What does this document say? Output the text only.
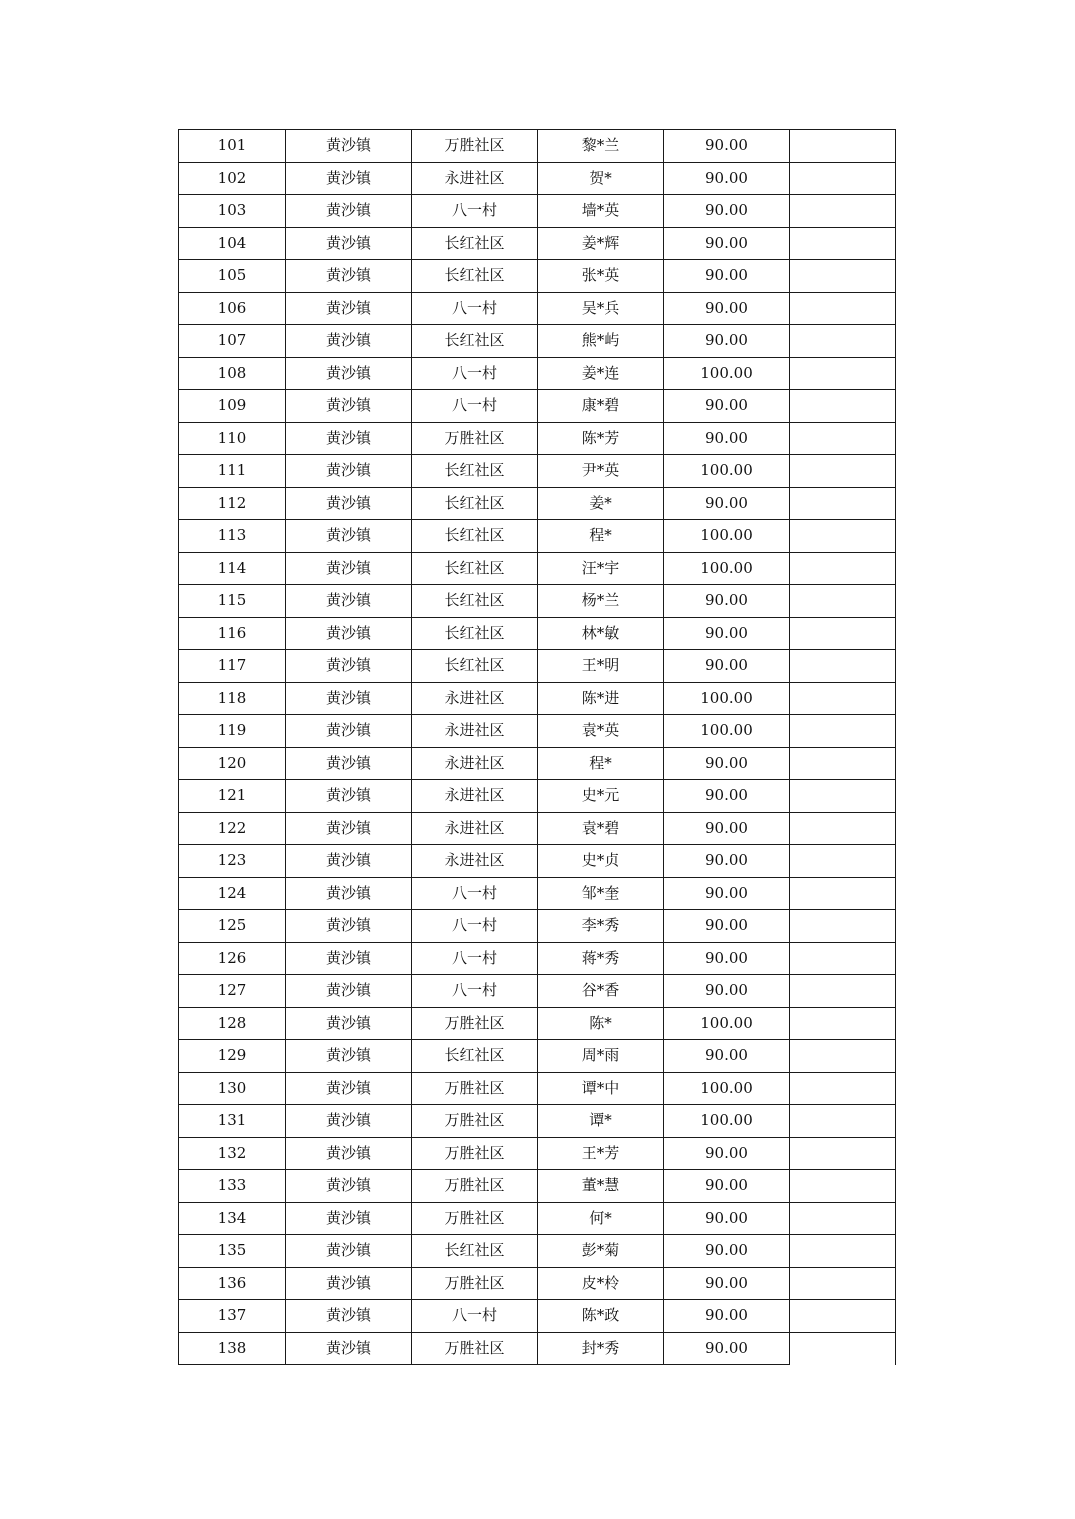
101	黄沙镇	万胜社区	黎*兰	90.00	
102	黄沙镇	永进社区	贺*	90.00	
103	黄沙镇	八一村	墙*英	90.00	
104	黄沙镇	长红社区	姜*辉	90.00	
105	黄沙镇	长红社区	张*英	90.00	
106	黄沙镇	八一村	吴*兵	90.00	
107	黄沙镇	长红社区	熊*屿	90.00	
108	黄沙镇	八一村	姜*连	100.00	
109	黄沙镇	八一村	康*碧	90.00	
110	黄沙镇	万胜社区	陈*芳	90.00	
111	黄沙镇	长红社区	尹*英	100.00	
112	黄沙镇	长红社区	姜*	90.00	
113	黄沙镇	长红社区	程*	100.00	
114	黄沙镇	长红社区	汪*宇	100.00	
115	黄沙镇	长红社区	杨*兰	90.00	
116	黄沙镇	长红社区	林*敏	90.00	
117	黄沙镇	长红社区	王*明	90.00	
118	黄沙镇	永进社区	陈*进	100.00	
119	黄沙镇	永进社区	袁*英	100.00	
120	黄沙镇	永进社区	程*	90.00	
121	黄沙镇	永进社区	史*元	90.00	
122	黄沙镇	永进社区	袁*碧	90.00	
123	黄沙镇	永进社区	史*贞	90.00	
124	黄沙镇	八一村	邹*奎	90.00	
125	黄沙镇	八一村	李*秀	90.00	
126	黄沙镇	八一村	蒋*秀	90.00	
127	黄沙镇	八一村	谷*香	90.00	
128	黄沙镇	万胜社区	陈*	100.00	
129	黄沙镇	长红社区	周*雨	90.00	
130	黄沙镇	万胜社区	谭*中	100.00	
131	黄沙镇	万胜社区	谭*	100.00	
132	黄沙镇	万胜社区	王*芳	90.00	
133	黄沙镇	万胜社区	董*慧	90.00	
134	黄沙镇	万胜社区	何*	90.00	
135	黄沙镇	长红社区	彭*菊	90.00	
136	黄沙镇	万胜社区	皮*柃	90.00	
137	黄沙镇	八一村	陈*政	90.00	
138	黄沙镇	万胜社区	封*秀	90.00	
